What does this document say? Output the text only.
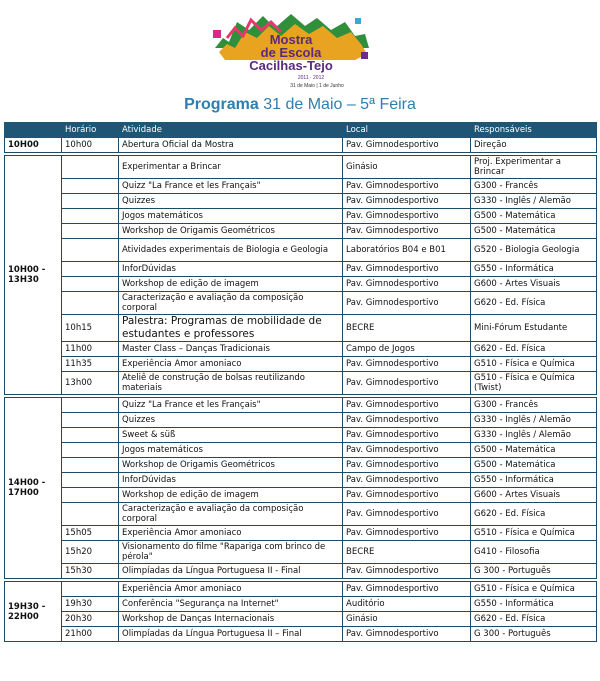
Mostra
de Escola
Cacilhas-Tejo
2011 · 2012
31 de Maio | 1 de Junho
Programa 31 de Maio – 5ª Feira
	Horário	Atividade	Local	Responsáveis
10H00	10h00	Abertura Oficial da Mostra	Pav. Gimnodesportivo	Direção

10H00 - 13H30		Experimentar a Brincar	Ginásio	Proj. Experimentar a Brincar
		Quizz "La France et les Français"	Pav. Gimnodesportivo	G300 - Francês
		Quizzes	Pav. Gimnodesportivo	G330 - Inglês / Alemão
		Jogos matemáticos	Pav. Gimnodesportivo	G500 - Matemática
		Workshop de Origamis Geométricos	Pav. Gimnodesportivo	G500 - Matemática
		Atividades experimentais de Biologia e Geologia	Laboratórios B04 e B01	G520 - Biologia Geologia
		InforDúvidas	Pav. Gimnodesportivo	G550 - Informática
		Workshop de edição de imagem	Pav. Gimnodesportivo	G600 - Artes Visuais
		Caracterização e avaliação da composição corporal	Pav. Gimnodesportivo	G620 - Ed. Física
	10h15	Palestra: Programas de mobilidade de estudantes e professores	BECRE	Mini-Fórum Estudante
	11h00	Master Class – Danças Tradicionais	Campo de Jogos	G620 - Ed. Física
	11h35	Experiência Amor amoniaco	Pav. Gimnodesportivo	G510 - Física e Química
	13h00	Ateliê de construção de bolsas reutilizando materiais	Pav. Gimnodesportivo	G510 - Física e Química (Twist)

14H00 - 17H00		Quizz "La France et les Français"	Pav. Gimnodesportivo	G300 - Francês
		Quizzes	Pav. Gimnodesportivo	G330 - Inglês / Alemão
		Sweet & süß	Pav. Gimnodesportivo	G330 - Inglês / Alemão
		Jogos matemáticos	Pav. Gimnodesportivo	G500 - Matemática
		Workshop de Origamis Geométricos	Pav. Gimnodesportivo	G500 - Matemática
		InforDúvidas	Pav. Gimnodesportivo	G550 - Informática
		Workshop de edição de imagem	Pav. Gimnodesportivo	G600 - Artes Visuais
		Caracterização e avaliação da composição corporal	Pav. Gimnodesportivo	G620 - Ed. Física
	15h05	Experiência Amor amoniaco	Pav. Gimnodesportivo	G510 - Física e Química
	15h20	Visionamento do filme "Rapariga com brinco de pérola"	BECRE	G410 - Filosofia
	15h30	Olimpíadas da Língua Portuguesa II - Final	Pav. Gimnodesportivo	G 300 - Português

19H30 - 22H00		Experiência Amor amoniaco	Pav. Gimnodesportivo	G510 - Física e Química
	19h30	Conferência "Segurança na Internet"	Auditório	G550 - Informática
	20h30	Workshop de Danças Internacionais	Ginásio	G620 - Ed. Física
	21h00	Olimpíadas da Língua Portuguesa II – Final	Pav. Gimnodesportivo	G 300 - Português
